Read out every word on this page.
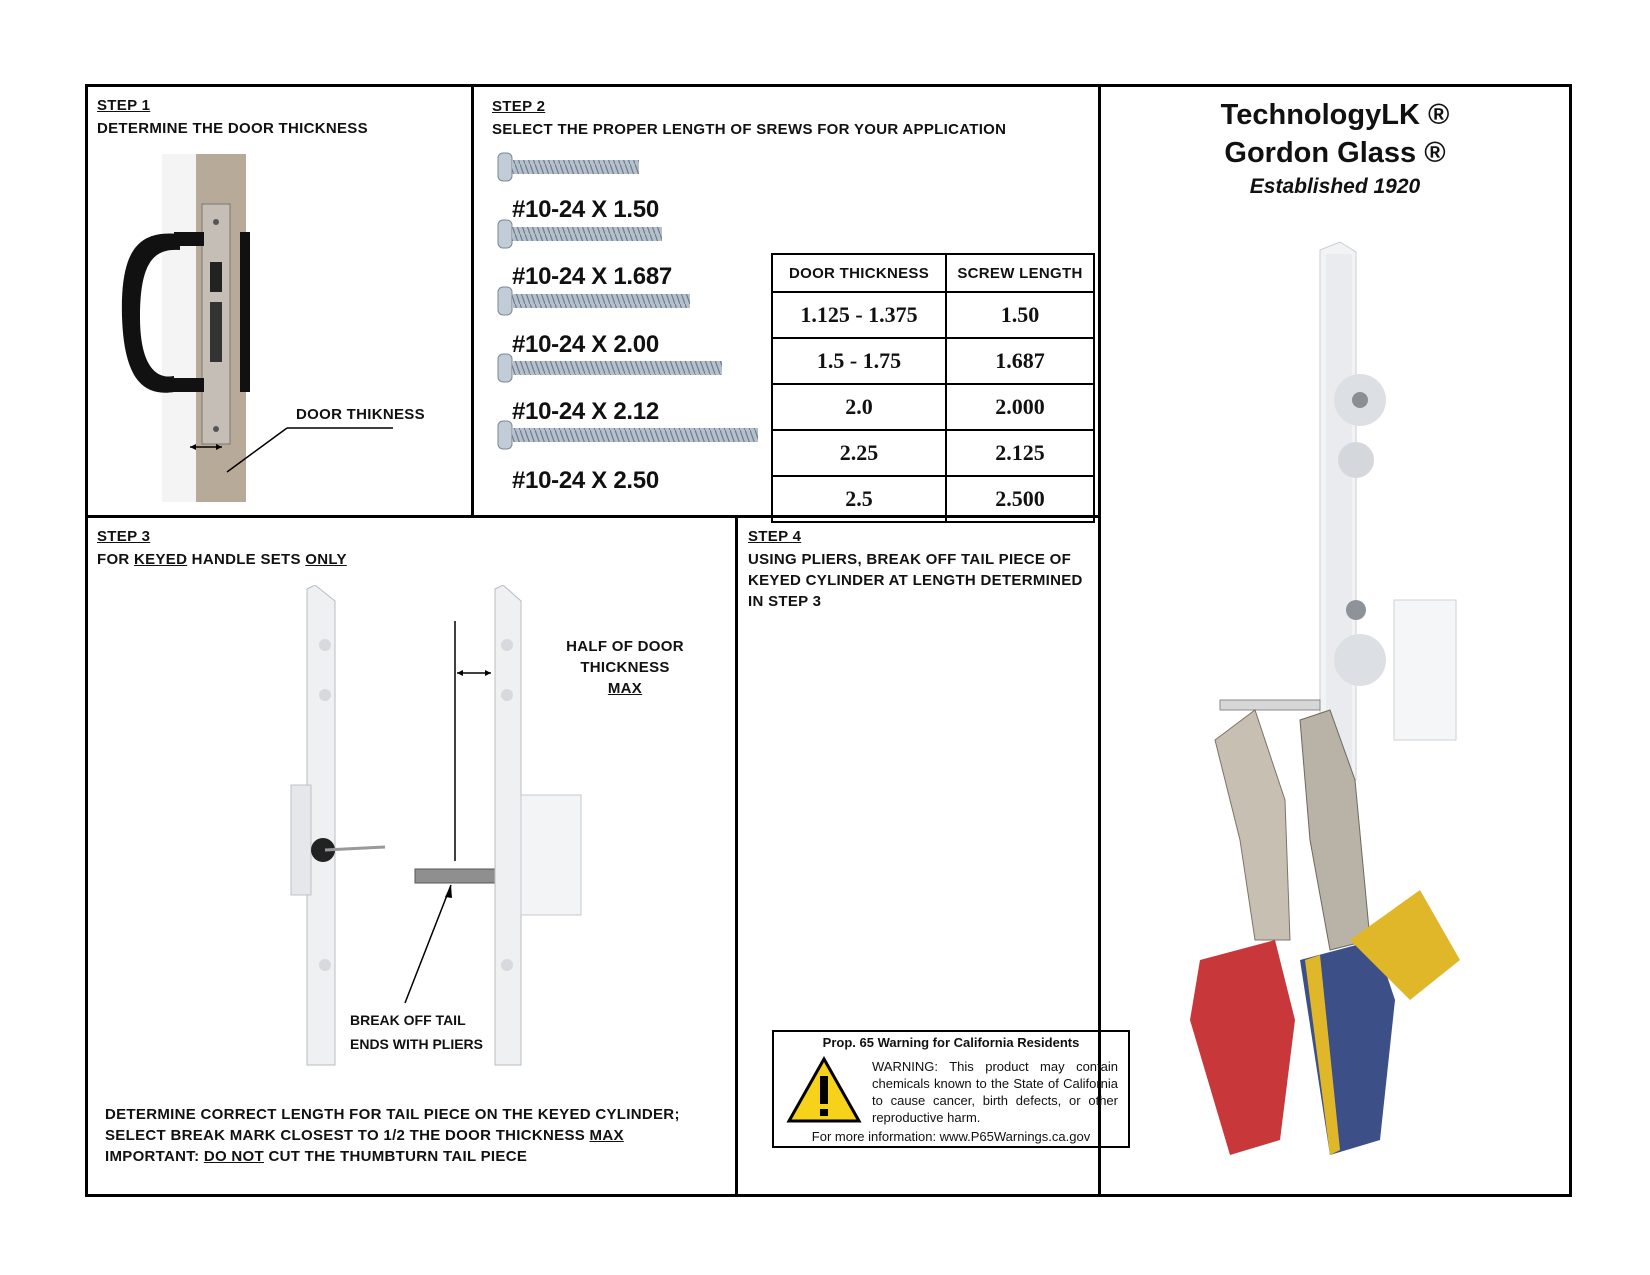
STEP 1
DETERMINE THE DOOR THICKNESS
DOOR THIKNESS
STEP 2
SELECT THE PROPER LENGTH OF SREWS FOR YOUR APPLICATION
#10-24 X 1.50
#10-24 X 1.687
#10-24 X 2.00
#10-24 X 2.12
#10-24 X 2.50
DOOR THICKNESS	SCREW LENGTH
1.125 - 1.375	1.50
1.5 - 1.75	1.687
2.0	2.000
2.25	2.125
2.5	2.500
TechnologyLK ®
Gordon Glass ®
Established 1920
STEP 3
FOR KEYED HANDLE SETS ONLY
HALF OF DOOR
THICKNESS
MAX
BREAK OFF TAIL
ENDS WITH PLIERS
DETERMINE CORRECT LENGTH FOR TAIL PIECE ON THE KEYED CYLINDER;
SELECT BREAK MARK CLOSEST TO 1/2 THE DOOR THICKNESS MAX
IMPORTANT: DO NOT CUT THE THUMBTURN TAIL PIECE
STEP 4
USING PLIERS, BREAK OFF TAIL PIECE OF
KEYED CYLINDER AT LENGTH DETERMINED
IN STEP 3
Prop. 65 Warning for California Residents
WARNING: This product may contain chemicals known to the State of California to cause cancer, birth defects, or other reproductive harm.
For more information: www.P65Warnings.ca.gov
